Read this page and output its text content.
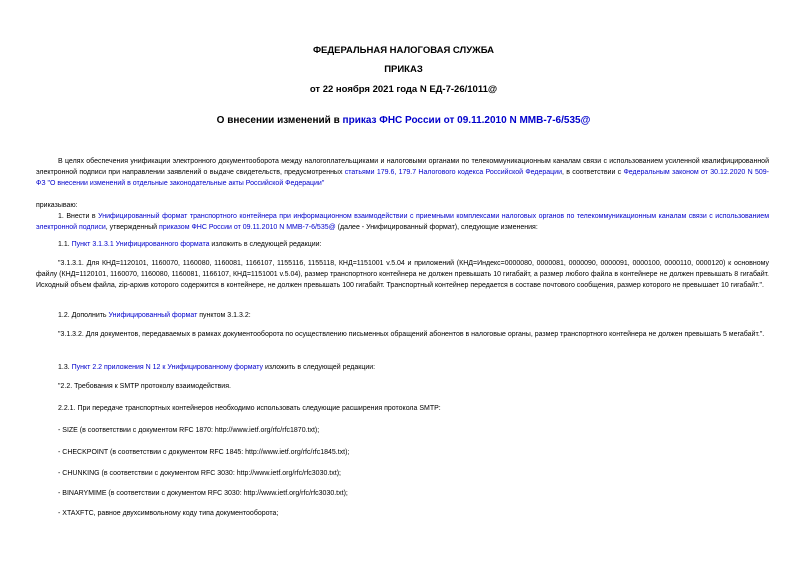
ФЕДЕРАЛЬНАЯ НАЛОГОВАЯ СЛУЖБА
ПРИКАЗ
от 22 ноября 2021 года N ЕД-7-26/1011@
О внесении изменений в приказ ФНС России от 09.11.2010 N ММВ-7-6/535@
В целях обеспечения унификации электронного документооборота между налогоплательщиками и налоговыми органами по телекоммуникационным каналам связи с использованием усиленной квалифицированной электронной подписи при направлении заявлений о выдаче свидетельств, предусмотренных статьями 179.6, 179.7 Налогового кодекса Российской Федерации, в соответствии с Федеральным законом от 30.12.2020 N 509-ФЗ "О внесении изменений в отдельные законодательные акты Российской Федерации"
приказываю:
1. Внести в Унифицированный формат транспортного контейнера при информационном взаимодействии с приемными комплексами налоговых органов по телекоммуникационным каналам связи с использованием электронной подписи, утвержденный приказом ФНС России от 09.11.2010 N ММВ-7-6/535@ (далее - Унифицированный формат), следующие изменения:
1.1. Пункт 3.1.3.1 Унифицированного формата изложить в следующей редакции:
"3.1.3.1. Для КНД=1120101, 1160070, 1160080, 1160081, 1166107, 1155116, 1155118, КНД=1151001 v.5.04 и приложений (КНД=Индекс=0000080, 0000081, 0000090, 0000091, 0000100, 0000110, 0000120) к основному файлу (КНД=1120101, 1160070, 1160080, 1160081, 1166107, КНД=1151001 v.5.04), размер транспортного контейнера не должен превышать 10 гигабайт, а размер любого файла в контейнере не должен превышать 8 гигабайт. Исходный объем файла, zip-архив которого содержится в контейнере, не должен превышать 100 гигабайт. Транспортный контейнер передается в составе почтового сообщения, размер которого не превышает 10 гигабайт.".
1.2. Дополнить Унифицированный формат пунктом 3.1.3.2:
"3.1.3.2. Для документов, передаваемых в рамках документооборота по осуществлению письменных обращений абонентов в налоговые органы, размер транспортного контейнера не должен превышать 5 мегабайт.".
1.3. Пункт 2.2 приложения N 12 к Унифицированному формату изложить в следующей редакции:
"2.2. Требования к SMTP протоколу взаимодействия.
2.2.1. При передаче транспортных контейнеров необходимо использовать следующие расширения протокола SMTP:
- SIZE (в соответствии с документом RFC 1870: http://www.ietf.org/rfc/rfc1870.txt);
- CHECKPOINT (в соответствии с документом RFC 1845: http://www.ietf.org/rfc/rfc1845.txt);
- CHUNKING (в соответствии с документом RFC 3030: http://www.ietf.org/rfc/rfc3030.txt);
- BINARYMIME (в соответствии с документом RFC 3030: http://www.ietf.org/rfc/rfc3030.txt);
- XTAXFTC, равное двухсимвольному коду типа документооборота;
